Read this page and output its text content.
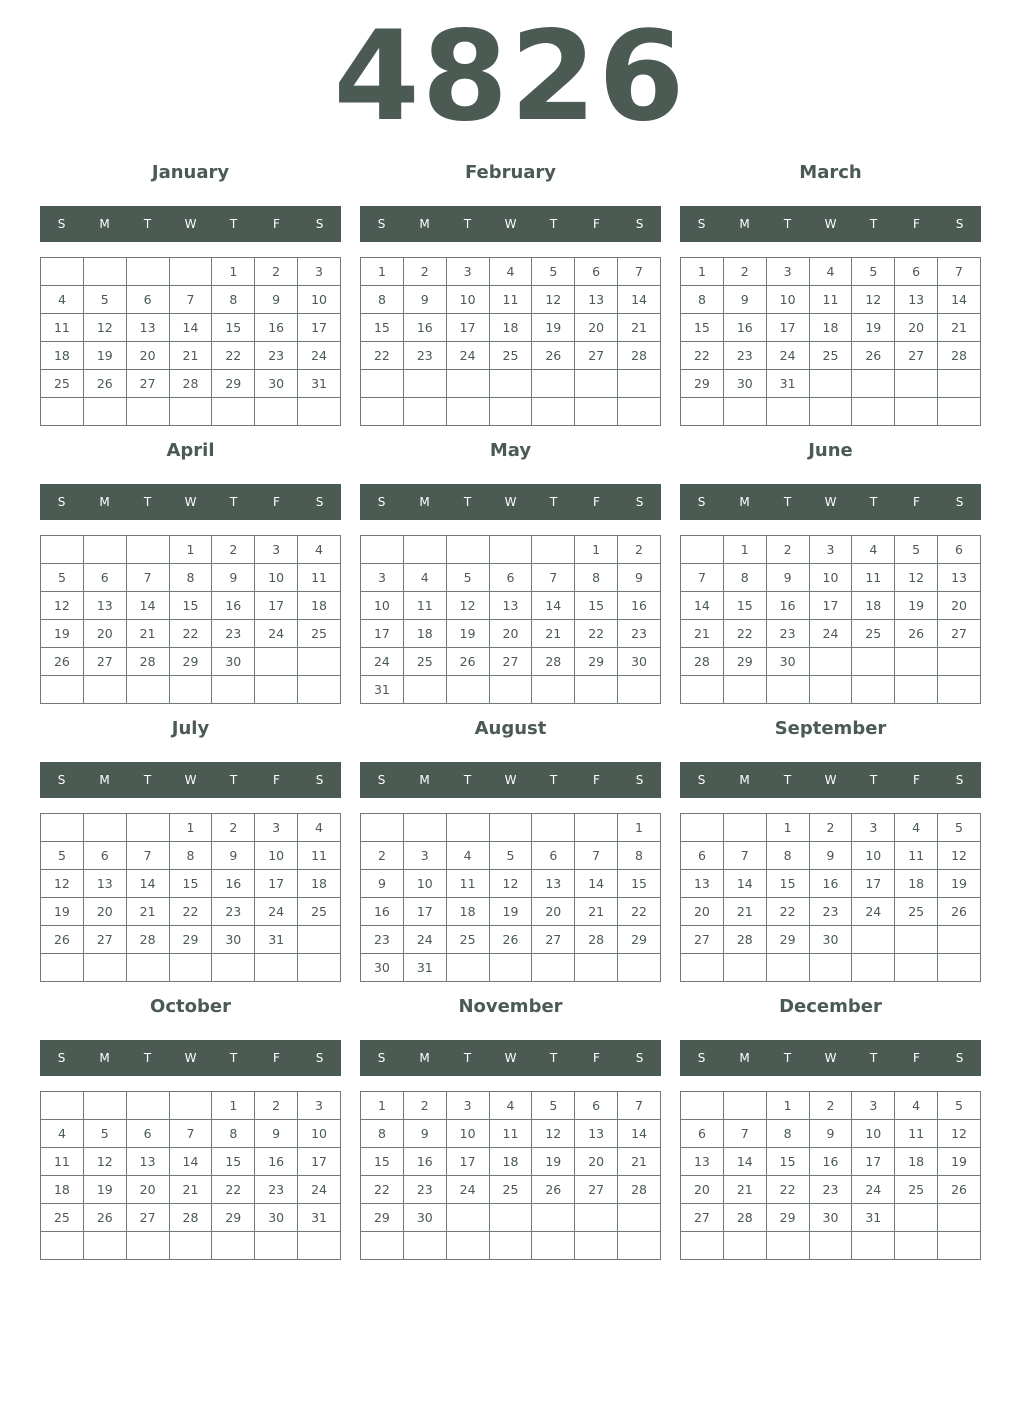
4826
January
S	M	T	W	T	F	S
				1	2	3
4	5	6	7	8	9	10
11	12	13	14	15	16	17
18	19	20	21	22	23	24
25	26	27	28	29	30	31

February
S	M	T	W	T	F	S
1	2	3	4	5	6	7
8	9	10	11	12	13	14
15	16	17	18	19	20	21
22	23	24	25	26	27	28

March
S	M	T	W	T	F	S
1	2	3	4	5	6	7
8	9	10	11	12	13	14
15	16	17	18	19	20	21
22	23	24	25	26	27	28
29	30	31				

April
S	M	T	W	T	F	S
			1	2	3	4
5	6	7	8	9	10	11
12	13	14	15	16	17	18
19	20	21	22	23	24	25
26	27	28	29	30		

May
S	M	T	W	T	F	S
					1	2
3	4	5	6	7	8	9
10	11	12	13	14	15	16
17	18	19	20	21	22	23
24	25	26	27	28	29	30
31						
June
S	M	T	W	T	F	S
	1	2	3	4	5	6
7	8	9	10	11	12	13
14	15	16	17	18	19	20
21	22	23	24	25	26	27
28	29	30				

July
S	M	T	W	T	F	S
			1	2	3	4
5	6	7	8	9	10	11
12	13	14	15	16	17	18
19	20	21	22	23	24	25
26	27	28	29	30	31	

August
S	M	T	W	T	F	S
						1
2	3	4	5	6	7	8
9	10	11	12	13	14	15
16	17	18	19	20	21	22
23	24	25	26	27	28	29
30	31					
September
S	M	T	W	T	F	S
		1	2	3	4	5
6	7	8	9	10	11	12
13	14	15	16	17	18	19
20	21	22	23	24	25	26
27	28	29	30			

October
S	M	T	W	T	F	S
				1	2	3
4	5	6	7	8	9	10
11	12	13	14	15	16	17
18	19	20	21	22	23	24
25	26	27	28	29	30	31

November
S	M	T	W	T	F	S
1	2	3	4	5	6	7
8	9	10	11	12	13	14
15	16	17	18	19	20	21
22	23	24	25	26	27	28
29	30					

December
S	M	T	W	T	F	S
		1	2	3	4	5
6	7	8	9	10	11	12
13	14	15	16	17	18	19
20	21	22	23	24	25	26
27	28	29	30	31		
